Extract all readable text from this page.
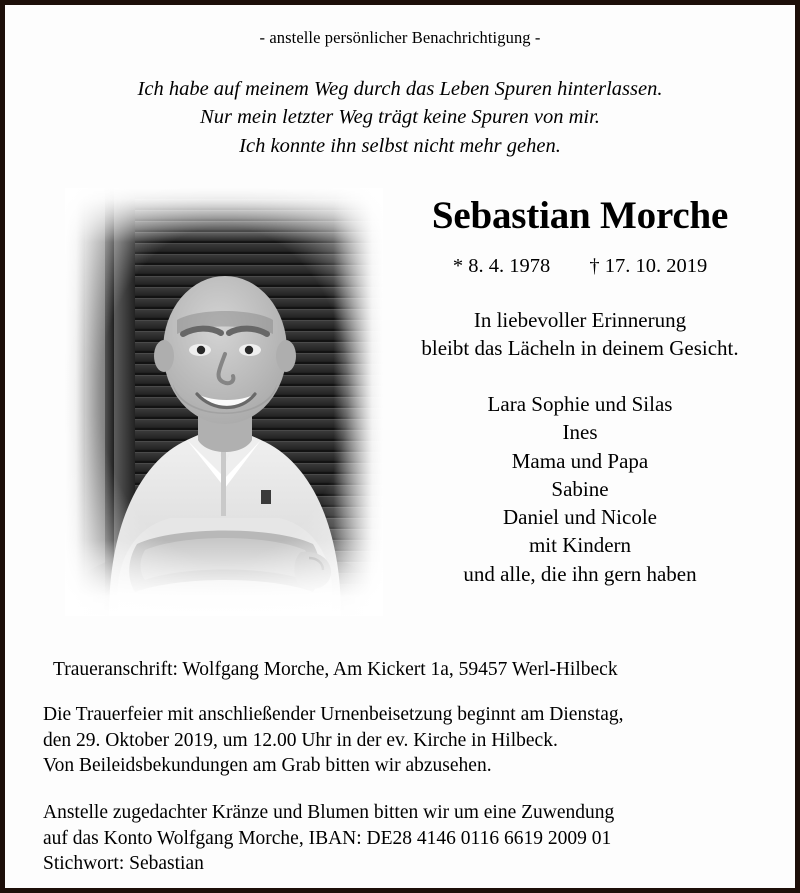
- anstelle persönlicher Benachrichtigung -
Ich habe auf meinem Weg durch das Leben Spuren hinterlassen.
Nur mein letzter Weg trägt keine Spuren von mir.
Ich konnte ihn selbst nicht mehr gehen.
Sebastian Morche
* 8. 4. 1978 † 17. 10. 2019
In liebevoller Erinnerung
bleibt das Lächeln in deinem Gesicht.
Lara Sophie und Silas
Ines
Mama und Papa
Sabine
Daniel und Nicole
mit Kindern
und alle, die ihn gern haben
Traueranschrift: Wolfgang Morche, Am Kickert 1a, 59457 Werl-Hilbeck
Die Trauerfeier mit anschließender Urnenbeisetzung beginnt am Dienstag,
den 29. Oktober 2019, um 12.00 Uhr in der ev. Kirche in Hilbeck.
Von Beileidsbekundungen am Grab bitten wir abzusehen.
Anstelle zugedachter Kränze und Blumen bitten wir um eine Zuwendung
auf das Konto Wolfgang Morche, IBAN: DE28 4146 0116 6619 2009 01
Stichwort: Sebastian
